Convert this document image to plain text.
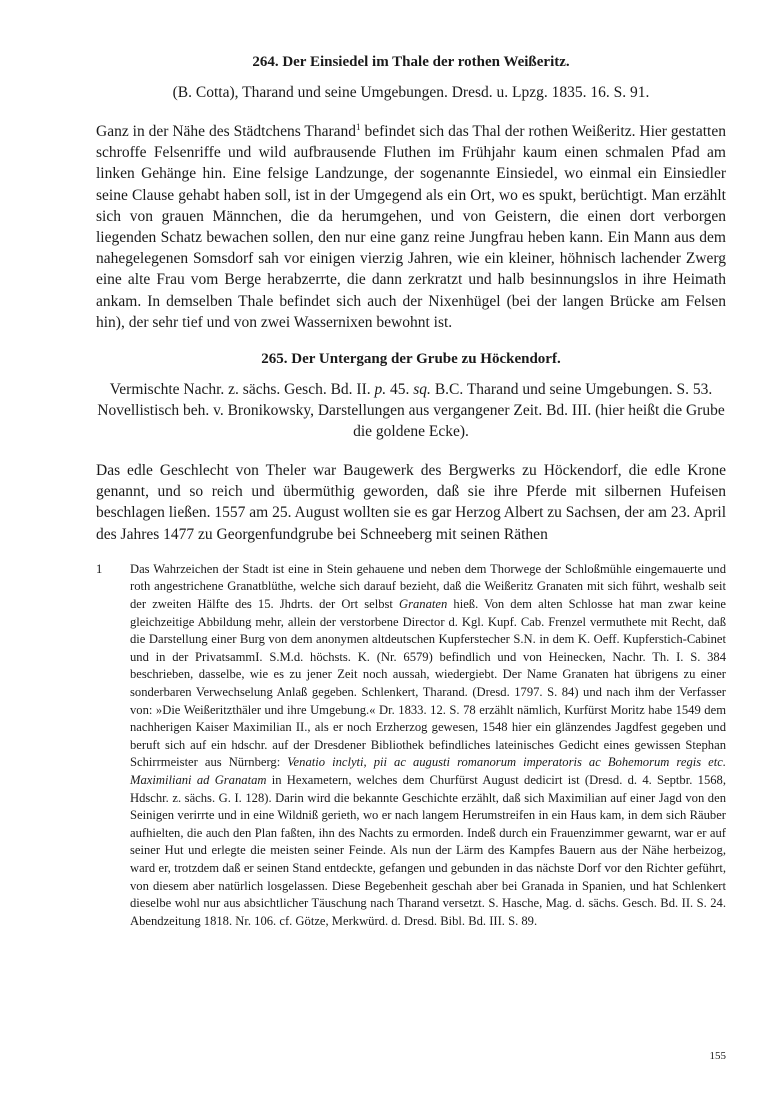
264. Der Einsiedel im Thale der rothen Weißeritz.
(B. Cotta), Tharand und seine Umgebungen. Dresd. u. Lpzg. 1835. 16. S. 91.

Ganz in der Nähe des Städtchens Tharand$^1$ befindet sich das Thal der rothen Weißeritz. Hier gestatten schroffe Felsenriffe und wild aufbrausende Fluthen im Frühjahr kaum einen schmalen Pfad am linken Gehänge hin. Eine felsige Landzunge, der sogenannte Einsiedel, wo einmal ein Einsiedler seine Clause gehabt haben soll, ist in der Umgegend als ein Ort, wo es spukt, berüchtigt. Man erzählt sich von grauen Männchen, die da herumgehen, und von Geistern, die einen dort verborgen liegenden Schatz bewachen sollen, den nur eine ganz reine Jungfrau heben kann. Ein Mann aus dem nahegelegenen Somsdorf sah vor einigen vierzig Jahren, wie ein kleiner, höhnisch lachender Zwerg eine alte Frau vom Berge herabzerrte, die dann zerkratzt und halb besinnungslos in ihre Heimath ankam. In demselben Thale befindet sich auch der Nixenhügel (bei der langen Brücke am Felsen hin), der sehr tief und von zwei Wassernixen bewohnt ist.

265. Der Untergang der Grube zu Höckendorf.
Vermischte Nachr. z. sächs. Gesch. Bd. II. p. 45. sq. B.C. Tharand und seine Umgebungen. S. 53. Novellistisch beh. v. Bronikowsky, Darstellungen aus vergangener Zeit. Bd. III. (hier heißt die Grube die goldene Ecke).

Das edle Geschlecht von Theler war Baugewerk des Bergwerks zu Höckendorf, die edle Krone genannt, und so reich und übermüthig geworden, daß sie ihre Pferde mit silbernen Hufeisen beschlagen ließen. 1557 am 25. August wollten sie es gar Herzog Albert zu Sachsen, der am 23. April des Jahres 1477 zu Georgenfundgrube bei Schneeberg mit seinen Räthen

1 Das Wahrzeichen der Stadt ist eine in Stein gehauene und neben dem Thorwege der Schloßmühle eingemauerte und roth angestrichene Granatblüthe, welche sich darauf bezieht, daß die Weißeritz Granaten mit sich führt, weshalb seit der zweiten Hälfte des 15. Jhdrts. der Ort selbst Granaten hieß. Von dem alten Schlosse hat man zwar keine gleichzeitige Abbildung mehr, allein der verstorbene Director d. Kgl. Kupf. Cab. Frenzel vermuthete mit Recht, daß die Darstellung einer Burg von dem anonymen altdeutschen Kupferstecher S.N. in dem K. Oeff. Kupferstich-Cabinet und in der PrivatsammI. S.M.d. höchsts. K. (Nr. 6579) befindlich und von Heinecken, Nachr. Th. I. S. 384 beschrieben, dasselbe, wie es zu jener Zeit noch aussah, wiedergiebt. Der Name Granaten hat übrigens zu einer sonderbaren Verwechselung Anlaß gegeben. Schlenkert, Tharand. (Dresd. 1797. S. 84) und nach ihm der Verfasser von: »Die Weißeritzthäler und ihre Umgebung.« Dr. 1833. 12. S. 78 erzählt nämlich, Kurfürst Moritz habe 1549 dem nachherigen Kaiser Maximilian II., als er noch Erzherzog gewesen, 1548 hier ein glänzendes Jagdfest gegeben und beruft sich auf ein hdschr. auf der Dresdener Bibliothek befindliches lateinisches Gedicht eines gewissen Stephan Schirrmeister aus Nürnberg: Venatio inclyti, pii ac augusti romanorum imperatoris ac Bohemorum regis etc. Maximiliani ad Granatam in Hexametern, welches dem Churfürst August dedicirt ist (Dresd. d. 4. Septbr. 1568, Hdschr. z. sächs. G. I. 128). Darin wird die bekannte Geschichte erzählt, daß sich Maximilian auf einer Jagd von den Seinigen verirrte und in eine Wildniß gerieth, wo er nach langem Herumstreifen in ein Haus kam, in dem sich Räuber aufhielten, die auch den Plan faßten, ihn des Nachts zu ermorden. Indeß durch ein Frauenzimmer gewarnt, war er auf seiner Hut und erlegte die meisten seiner Feinde. Als nun der Lärm des Kampfes Bauern aus der Nähe herbeizog, ward er, trotzdem daß er seinen Stand entdeckte, gefangen und gebunden in das nächste Dorf vor den Richter geführt, von diesem aber natürlich losgelassen. Diese Begebenheit geschah aber bei Granada in Spanien, und hat Schlenkert dieselbe wohl nur aus absichtlicher Täuschung nach Tharand versetzt. S. Hasche, Mag. d. sächs. Gesch. Bd. II. S. 24. Abendzeitung 1818. Nr. 106. cf. Götze, Merkwürd. d. Dresd. Bibl. Bd. III. S. 89.
155
